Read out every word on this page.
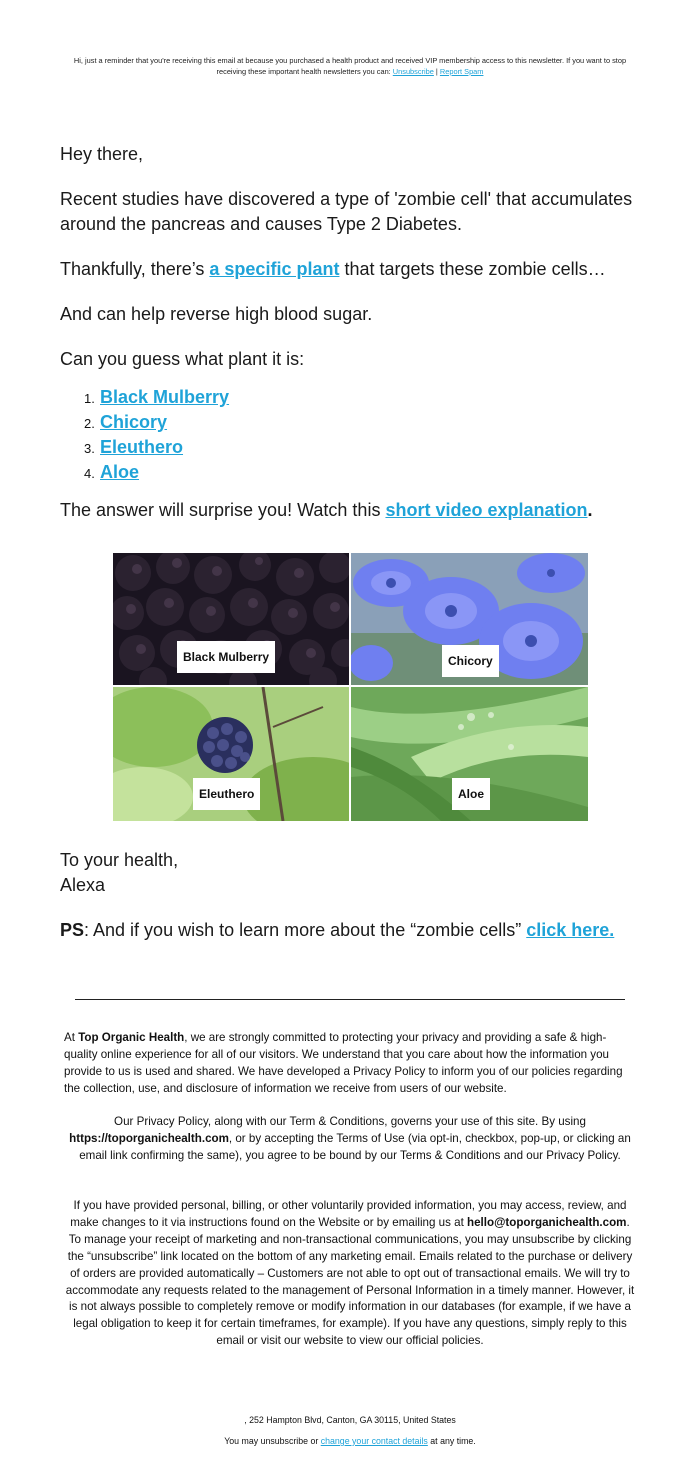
Hi, just a reminder that you're receiving this email at because you purchased a health product and received VIP membership access to this newsletter. If you want to stop receiving these important health newsletters you can: Unsubscribe | Report Spam

Hey there,

Recent studies have discovered a type of 'zombie cell' that accumulates around the pancreas and causes Type 2 Diabetes.

Thankfully, there’s a specific plant that targets these zombie cells…

And can help reverse high blood sugar.

Can you guess what plant it is:

1. Black Mulberry
2. Chicory
3. Eleuthero
4. Aloe

The answer will surprise you! Watch this short video explanation.

Black Mulberry	Chicory
Eleuthero	Aloe
To your health,
Alexa
PS: And if you wish to learn more about the “zombie cells” click here.

At Top Organic Health, we are strongly committed to protecting your privacy and providing a safe & high-quality online experience for all of our visitors. We understand that you care about how the information you provide to us is used and shared. We have developed a Privacy Policy to inform you of our policies regarding the collection, use, and disclosure of information we receive from users of our website.

Our Privacy Policy, along with our Term & Conditions, governs your use of this site. By using https://toporganichealth.com, or by accepting the Terms of Use (via opt-in, checkbox, pop-up, or clicking an email link confirming the same), you agree to be bound by our Terms & Conditions and our Privacy Policy.

If you have provided personal, billing, or other voluntarily provided information, you may access, review, and make changes to it via instructions found on the Website or by emailing us at hello@toporganichealth.com. To manage your receipt of marketing and non-transactional communications, you may unsubscribe by clicking the “unsubscribe” link located on the bottom of any marketing email. Emails related to the purchase or delivery of orders are provided automatically – Customers are not able to opt out of transactional emails. We will try to accommodate any requests related to the management of Personal Information in a timely manner. However, it is not always possible to completely remove or modify information in our databases (for example, if we have a legal obligation to keep it for certain timeframes, for example). If you have any questions, simply reply to this email or visit our website to view our official policies.

, 252 Hampton Blvd, Canton, GA 30115, United States
You may unsubscribe or change your contact details at any time.
